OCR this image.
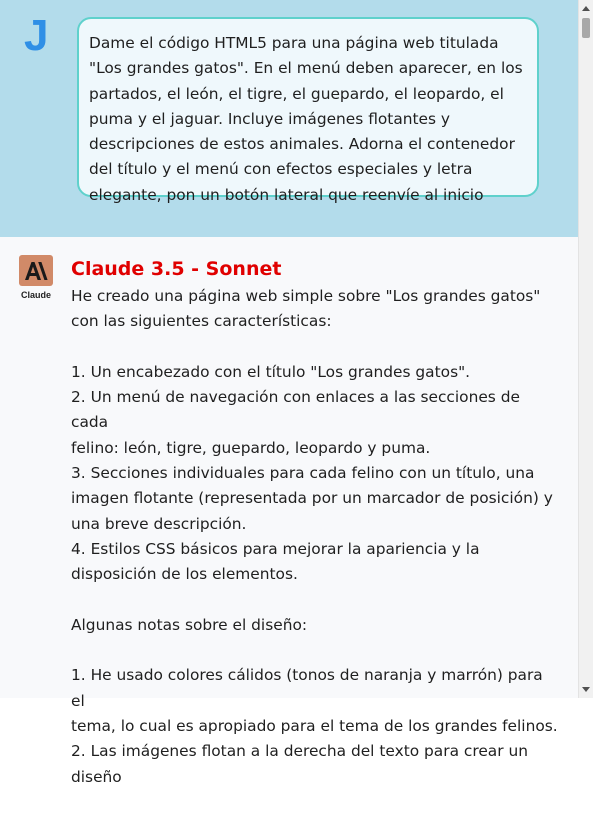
J	Dame el código HTML5 para una página web titulada "Los grandes gatos". En el menú deben aparecer, en los partados, el león, el tigre, el guepardo, el leopardo, el puma y el jaguar. Incluye imágenes flotantes y descripciones de estos animales. Adorna el contenedor del título y el menú con efectos especiales y letra elegante, pon un botón lateral que reenvíe al inicio
Claude
Claude 3.5 - Sonnet

He creado una página web simple sobre "Los grandes gatos"
con las siguientes características:

1. Un encabezado con el título "Los grandes gatos".
2. Un menú de navegación con enlaces a las secciones de cada
felino: león, tigre, guepardo, leopardo y puma.
3. Secciones individuales para cada felino con un título, una
imagen flotante (representada por un marcador de posición) y
una breve descripción.
4. Estilos CSS básicos para mejorar la apariencia y la
disposición de los elementos.

Algunas notas sobre el diseño:

1. He usado colores cálidos (tonos de naranja y marrón) para el
tema, lo cual es apropiado para el tema de los grandes felinos.
2. Las imágenes flotan a la derecha del texto para crear un diseño
